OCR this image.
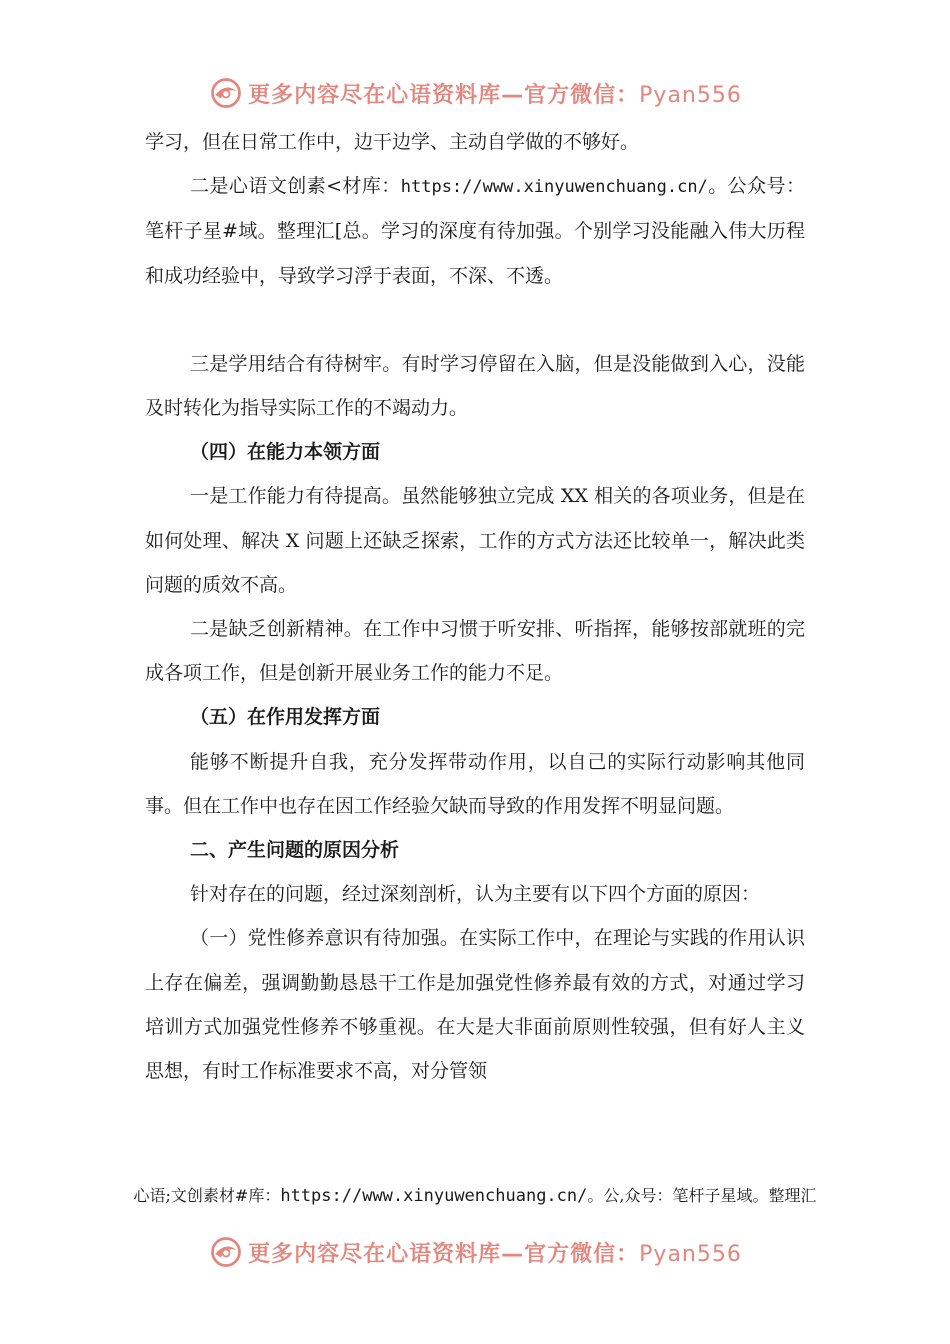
更多内容尽在心语资料库—官方微信：Pyan556

学习，但在日常工作中，边干边学、主动自学做的不够好。

二是心语文创素<材库：https://www.xinyuwenchuang.cn/。公众号：笔杆子星#域。整理汇[总。学习的深度有待加强。个别学习没能融入伟大历程和成功经验中，导致学习浮于表面，不深、不透。

三是学用结合有待树牢。有时学习停留在入脑，但是没能做到入心，没能及时转化为指导实际工作的不竭动力。

（四）在能力本领方面

一是工作能力有待提高。虽然能够独立完成 XX 相关的各项业务，但是在如何处理、解决 X 问题上还缺乏探索，工作的方式方法还比较单一，解决此类问题的质效不高。

二是缺乏创新精神。在工作中习惯于听安排、听指挥，能够按部就班的完成各项工作，但是创新开展业务工作的能力不足。

（五）在作用发挥方面

能够不断提升自我，充分发挥带动作用，以自己的实际行动影响其他同事。但在工作中也存在因工作经验欠缺而导致的作用发挥不明显问题。

二、产生问题的原因分析

针对存在的问题，经过深刻剖析，认为主要有以下四个方面的原因：

（一）党性修养意识有待加强。在实际工作中，在理论与实践的作用认识上存在偏差，强调勤勤恳恳干工作是加强党性修养最有效的方式，对通过学习培训方式加强党性修养不够重视。在大是大非面前原则性较强，但有好人主义思想，有时工作标准要求不高，对分管领

心语;文创素材#库：https://www.xinyuwenchuang.cn/。公,众号：笔杆子星域。整理汇
更多内容尽在心语资料库—官方微信：Pyan556
